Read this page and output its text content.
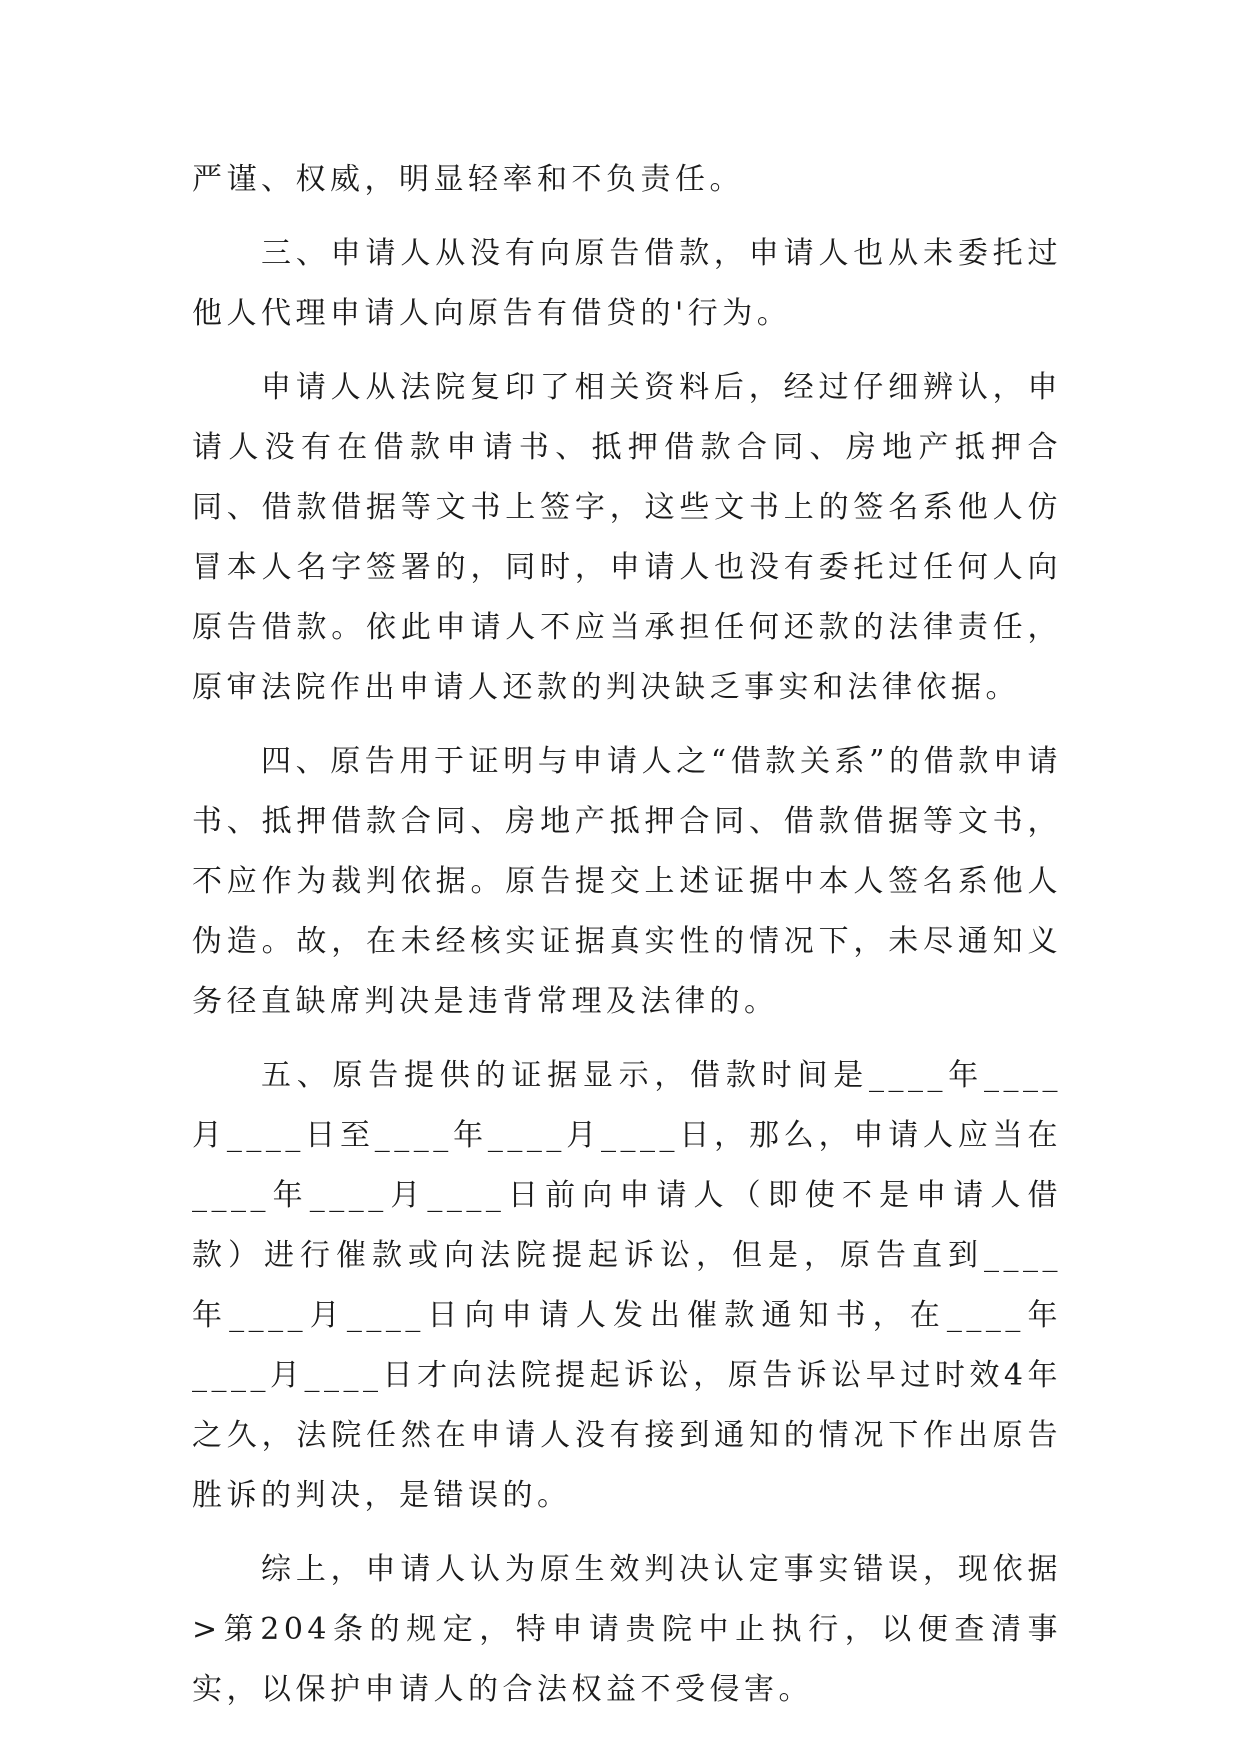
严谨、权威，明显轻率和不负责任。

三、申请人从没有向原告借款，申请人也从未委托过他人代理申请人向原告有借贷的'行为。

申请人从法院复印了相关资料后，经过仔细辨认，申请人没有在借款申请书、抵押借款合同、房地产抵押合同、借款借据等文书上签字，这些文书上的签名系他人仿冒本人名字签署的，同时，申请人也没有委托过任何人向原告借款。依此申请人不应当承担任何还款的法律责任，原审法院作出申请人还款的判决缺乏事实和法律依据。

四、原告用于证明与申请人之“借款关系”的借款申请书、抵押借款合同、房地产抵押合同、借款借据等文书，不应作为裁判依据。原告提交上述证据中本人签名系他人伪造。故，在未经核实证据真实性的情况下，未尽通知义务径直缺席判决是违背常理及法律的。

五、原告提供的证据显示，借款时间是____年____月____日至____年____月____日，那么，申请人应当在____年____月____日前向申请人（即使不是申请人借款）进行催款或向法院提起诉讼，但是，原告直到____年____月____日向申请人发出催款通知书，在____年____月____日才向法院提起诉讼，原告诉讼早过时效4年之久，法院任然在申请人没有接到通知的情况下作出原告胜诉的判决，是错误的。

综上，申请人认为原生效判决认定事实错误，现依据>第204条的规定，特申请贵院中止执行，以便查清事实，以保护申请人的合法权益不受侵害。
